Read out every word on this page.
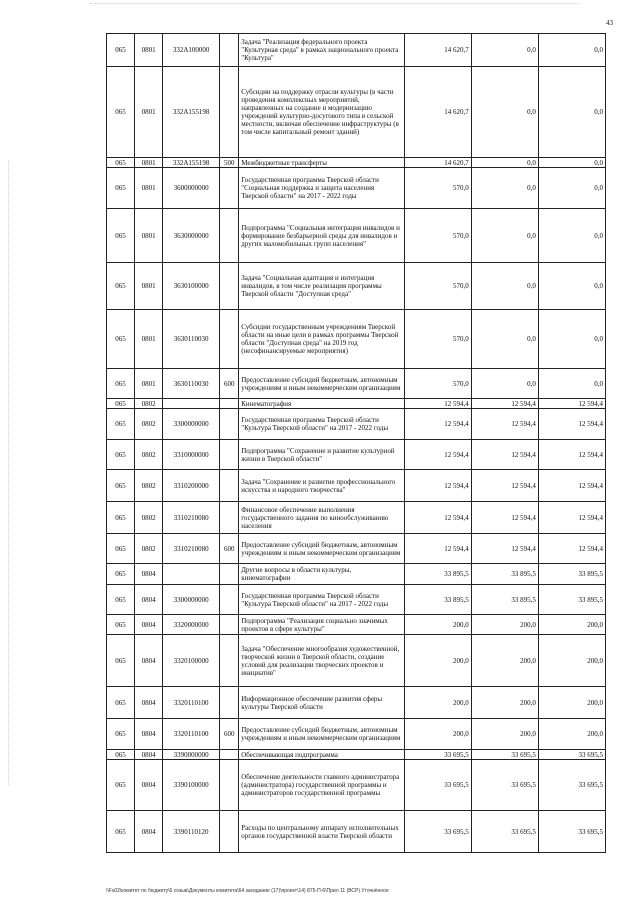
43
065	0801	332A100000		Задача "Реализация федерального проекта "Культурная среда" в рамках национального проекта "Культура"	14 620,7	0,0	0,0
065	0801	332A155198		Субсидии на поддержку отрасли культуры (в части проведения комплексных мероприятий, направленных на создание и модернизацию учреждений культурно-досугового типа в сельской местности, включая обеспечение инфраструктуры (в том числе капитальный ремонт зданий)	14 620,7	0,0	0,0
065	0801	332A155198	500	Межбюджетные трансферты	14 620,7	0,0	0,0
065	0801	3600000000		Государственная программа Тверской области "Социальная поддержка и защита населения Тверской области" на 2017 - 2022 годы	570,0	0,0	0,0
065	0801	3630000000		Подпрограмма "Социальная интеграция инвалидов и формирование безбарьерной среды для инвалидов и других маломобильных групп населения"	570,0	0,0	0,0
065	0801	3630100000		Задача "Социальная адаптация и интеграция инвалидов, в том числе реализация программы Тверской области "Доступная среда"	570,0	0,0	0,0
065	0801	3630110030		Субсидии государственным учреждениям Тверской области на иные цели в рамках программы Тверской области "Доступная среда" на 2019 год (несофинансируемые мероприятия)	570,0	0,0	0,0
065	0801	3630110030	600	Предоставление субсидий бюджетным, автономным учреждениям и иным некоммерческим организациям	570,0	0,0	0,0
065	0802			Кинематография	12 594,4	12 594,4	12 594,4
065	0802	3300000000		Государственная программа Тверской области "Культура Тверской области" на 2017 - 2022 годы	12 594,4	12 594,4	12 594,4
065	0802	3310000000		Подпрограмма "Сохранение и развитие культурной жизни в Тверской области"	12 594,4	12 594,4	12 594,4
065	0802	3310200000		Задача "Сохранение и развитие профессионального искусства и народного творчества"	12 594,4	12 594,4	12 594,4
065	0802	3310210080		Финансовое обеспечение выполнения государственного задания по кинообслуживанию населения	12 594,4	12 594,4	12 594,4
065	0802	3310210080	600	Предоставление субсидий бюджетным, автономным учреждениям и иным некоммерческим организациям	12 594,4	12 594,4	12 594,4
065	0804			Другие вопросы в области культуры, кинематографии	33 895,5	33 895,5	33 895,5
065	0804	3300000000		Государственная программа Тверской области "Культура Тверской области" на 2017 - 2022 годы	33 895,5	33 895,5	33 895,5
065	0804	3320000000		Подпрограмма "Реализация социально значимых проектов в сфере культуры"	200,0	200,0	200,0
065	0804	3320100000		Задача "Обеспечение многообразия художественной, творческой жизни в Тверской области, создание условий для реализации творческих проектов и инициатив"	200,0	200,0	200,0
065	0804	3320110100		Информационное обеспечение развития сферы культуры Тверской области	200,0	200,0	200,0
065	0804	3320110100	600	Предоставление субсидий бюджетным, автономным учреждениям и иным некоммерческим организациям	200,0	200,0	200,0
065	0804	3390000000		Обеспечивающая подпрограмма	33 695,5	33 695,5	33 695,5
065	0804	3390100000		Обеспечение деятельности главного администратора (администратора) государственной программы и администраторов государственной программы	33 695,5	33 695,5	33 695,5
065	0804	3390110120		Расходы по центральному аппарату исполнительных органов государственной власти Тверской области	33 695,5	33 695,5	33 695,5
\\Fs02\комитет по бюджету\6 созыв\Документы комитета\64 заседание (17)\проект\14) 875-П-6\Прил 11 (ВСР) Уточнённое
